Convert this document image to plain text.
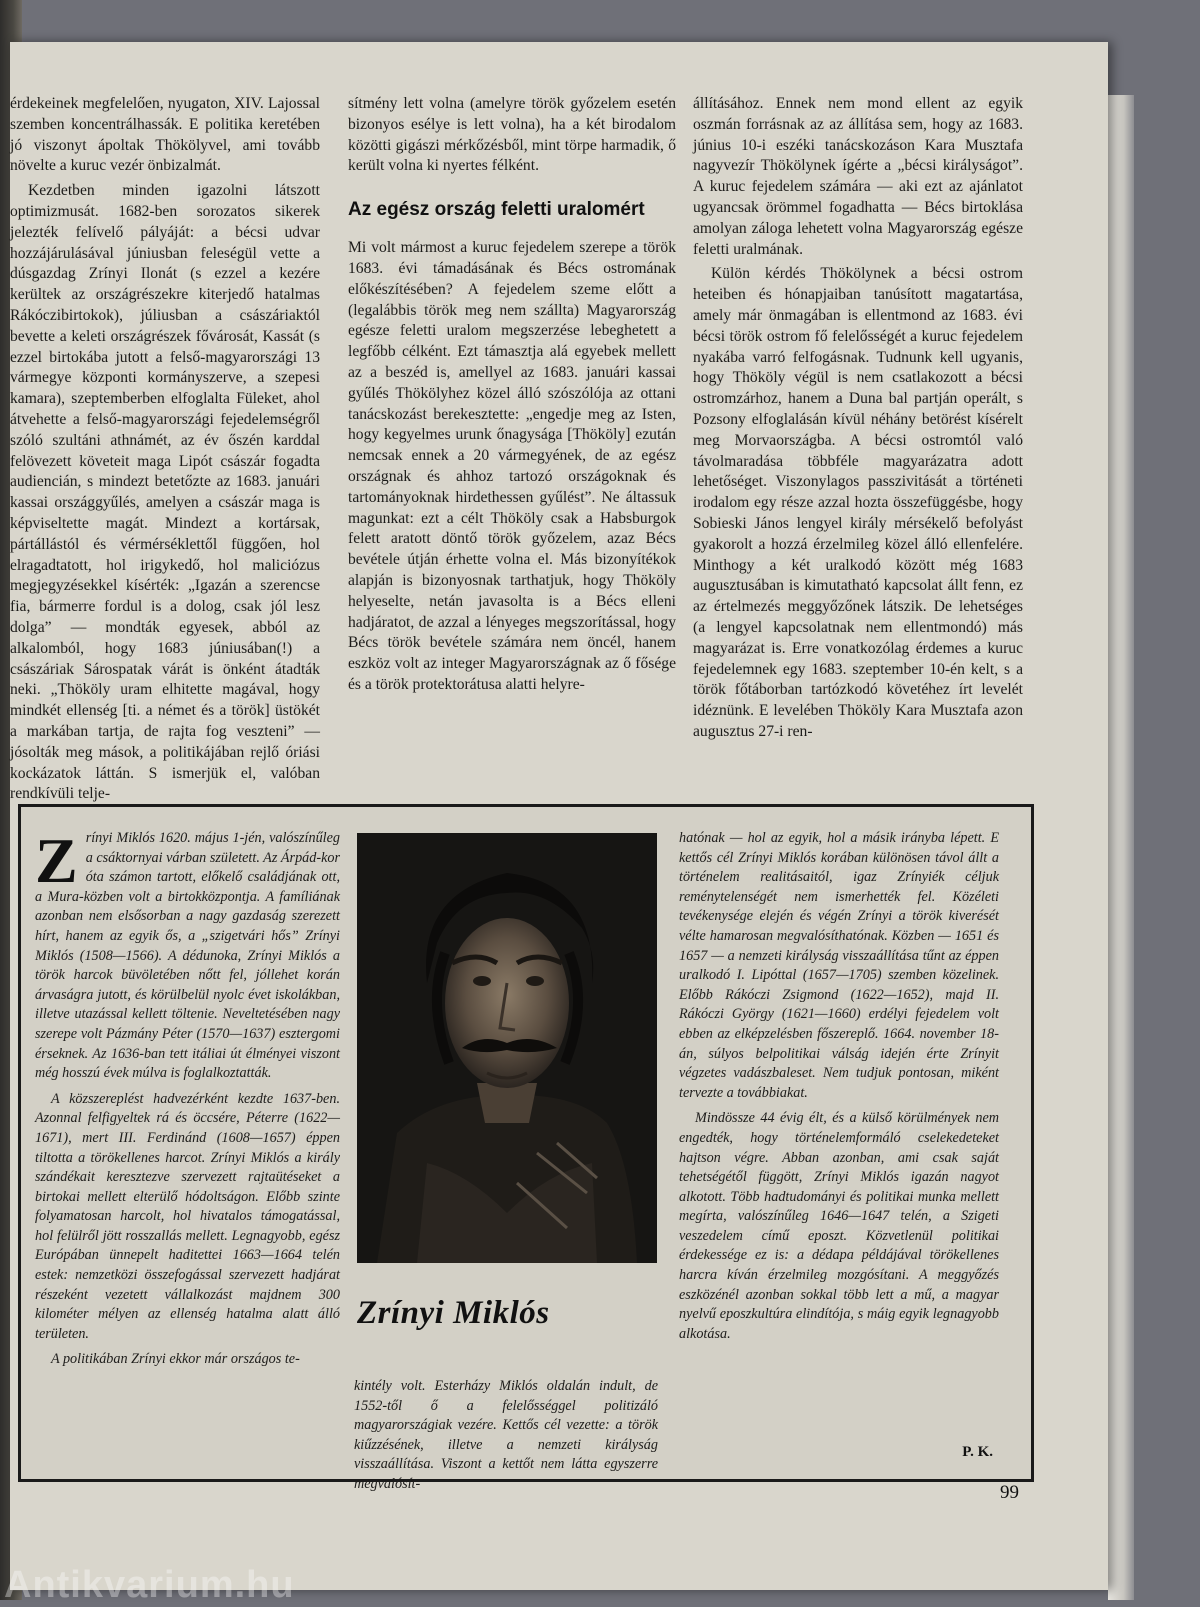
érdekeinek megfelelően, nyugaton, XIV. Lajossal szemben koncentrálhassák. E politika keretében jó viszonyt ápoltak Thökölyvel, ami tovább növelte a kuruc vezér önbizalmát.

Kezdetben minden igazolni látszott optimizmusát. 1682-ben sorozatos sikerek jelezték felívelő pályáját: a bécsi udvar hozzájárulásával júniusban feleségül vette a dúsgazdag Zrínyi Ilonát (s ezzel a kezére kerültek az országrészekre kiterjedő hatalmas Rákóczibirtokok), júliusban a császáriaktól bevette a keleti országrészek fővárosát, Kassát (s ezzel birtokába jutott a felső-magyarországi 13 vármegye központi kormányszerve, a szepesi kamara), szeptemberben elfoglalta Füleket, ahol átvehette a felső-magyarországi fejedelemségről szóló szultáni athnámét, az év őszén karddal felövezett követeit maga Lipót császár fogadta audiencián, s mindezt betetőzte az 1683. januári kassai országgyűlés, amelyen a császár maga is képviseltette magát. Mindezt a kortársak, pártállástól és vérmérséklettől függően, hol elragadtatott, hol irigykedő, hol maliciózus megjegyzésekkel kísérték: „Igazán a szerencse fia, bármerre fordul is a dolog, csak jól lesz dolga” — mondták egyesek, abból az alkalomból, hogy 1683 júniusában(!) a császáriak Sárospatak várát is önként átadták neki. „Thököly uram elhitette magával, hogy mindkét ellenség [ti. a német és a török] üstökét a markában tartja, de rajta fog veszteni” — jósolták meg mások, a politikájában rejlő óriási kockázatok láttán. S ismerjük el, valóban rendkívüli telje-

sítmény lett volna (amelyre török győzelem esetén bizonyos esélye is lett volna), ha a két birodalom közötti gigászi mérkőzésből, mint törpe harmadik, ő került volna ki nyertes félként.

Az egész ország feletti uralomért

Mi volt mármost a kuruc fejedelem szerepe a török 1683. évi támadásának és Bécs ostromának előkészítésében? A fejedelem szeme előtt a (legalábbis török meg nem szállta) Magyarország egésze feletti uralom megszerzése lebeghetett a legfőbb célként. Ezt támasztja alá egyebek mellett az a beszéd is, amellyel az 1683. januári kassai gyűlés Thökölyhez közel álló szószólója az ottani tanácskozást berekesztette: „engedje meg az Isten, hogy kegyelmes urunk őnagysága [Thököly] ezután nemcsak ennek a 20 vármegyének, de az egész országnak és ahhoz tartozó országoknak és tartományoknak hirdethessen gyűlést”. Ne áltassuk magunkat: ezt a célt Thököly csak a Habsburgok felett aratott döntő török győzelem, azaz Bécs bevétele útján érhette volna el. Más bizonyítékok alapján is bizonyosnak tarthatjuk, hogy Thököly helyeselte, netán javasolta is a Bécs elleni hadjáratot, de azzal a lényeges megszorítással, hogy Bécs török bevétele számára nem öncél, hanem eszköz volt az integer Magyarországnak az ő fősége és a török protektorátusa alatti helyre-

állításához. Ennek nem mond ellent az egyik oszmán forrásnak az az állítása sem, hogy az 1683. június 10-i eszéki tanácskozáson Kara Musztafa nagyvezír Thökölynek ígérte a „bécsi királyságot”. A kuruc fejedelem számára — aki ezt az ajánlatot ugyancsak örömmel fogadhatta — Bécs birtoklása amolyan záloga lehetett volna Magyarország egésze feletti uralmának.

Külön kérdés Thökölynek a bécsi ostrom heteiben és hónapjaiban tanúsított magatartása, amely már önmagában is ellentmond az 1683. évi bécsi török ostrom fő felelősségét a kuruc fejedelem nyakába varró felfogásnak. Tudnunk kell ugyanis, hogy Thököly végül is nem csatlakozott a bécsi ostromzárhoz, hanem a Duna bal partján operált, s Pozsony elfoglalásán kívül néhány betörést kísérelt meg Morvaországba. A bécsi ostromtól való távolmaradása többféle magyarázatra adott lehetőséget. Viszonylagos passzivitását a történeti irodalom egy része azzal hozta összefüggésbe, hogy Sobieski János lengyel király mérsékelő befolyást gyakorolt a hozzá érzelmileg közel álló ellenfelére. Minthogy a két uralkodó között még 1683 augusztusában is kimutatható kapcsolat állt fenn, ez az értelmezés meggyőzőnek látszik. De lehetséges (a lengyel kapcsolatnak nem ellentmondó) más magyarázat is. Erre vonatkozólag érdemes a kuruc fejedelemnek egy 1683. szeptember 10-én kelt, s a török főtáborban tartózkodó követéhez írt levelét idéznünk. E levelében Thököly Kara Musztafa azon augusztus 27-i ren-

Zrínyi Miklós 1620. május 1-jén, valószínűleg a csáktornyai várban született. Az Árpád-kor óta számon tartott, előkelő családjának ott, a Mura-közben volt a birtokközpontja. A famíliának azonban nem elsősorban a nagy gazdaság szerezett hírt, hanem az egyik ős, a „szigetvári hős” Zrínyi Miklós (1508—1566). A dédunoka, Zrínyi Miklós a török harcok büvöletében nőtt fel, jóllehet korán árvaságra jutott, és körülbelül nyolc évet iskolákban, illetve utazással kellett töltenie. Neveltetésében nagy szerepe volt Pázmány Péter (1570—1637) esztergomi érseknek. Az 1636-ban tett itáliai út élményei viszont még hosszú évek múlva is foglalkoztatták.

A közszereplést hadvezérként kezdte 1637-ben. Azonnal felfigyeltek rá és öccsére, Péterre (1622—1671), mert III. Ferdinánd (1608—1657) éppen tiltotta a törökellenes harcot. Zrínyi Miklós a király szándékait keresztezve szervezett rajtaütéseket a birtokai mellett elterülő hódoltságon. Előbb szinte folyamatosan harcolt, hol hivatalos támogatással, hol felülről jött rosszallás mellett. Legnagyobb, egész Európában ünnepelt haditettei 1663—1664 telén estek: nemzetközi összefogással szervezett hadjárat részeként vezetett vállalkozást majdnem 300 kilométer mélyen az ellenség hatalma alatt álló területen.

A politikában Zrínyi ekkor már országos te-

Zrínyi Miklós

kintély volt. Esterházy Miklós oldalán indult, de 1552-től ő a felelősséggel politizáló magyarországiak vezére. Kettős cél vezette: a török kiűzzésének, illetve a nemzeti királyság visszaállítása. Viszont a kettőt nem látta egyszerre megvalósít-

hatónak — hol az egyik, hol a másik irányba lépett. E kettős cél Zrínyi Miklós korában különösen távol állt a történelem realitásaitól, igaz Zrínyiék céljuk reménytelenségét nem ismerhették fel. Közéleti tevékenysége elején és végén Zrínyi a török kiverését vélte hamarosan megvalósíthatónak. Közben — 1651 és 1657 — a nemzeti királyság visszaállítása tűnt az éppen uralkodó I. Lipóttal (1657—1705) szemben közelinek. Előbb Rákóczi Zsigmond (1622—1652), majd II. Rákóczi György (1621—1660) erdélyi fejedelem volt ebben az elképzelésben főszereplő. 1664. november 18-án, súlyos belpolitikai válság idején érte Zrínyit végzetes vadászbaleset. Nem tudjuk pontosan, miként tervezte a továbbiakat.

Mindössze 44 évig élt, és a külső körülmények nem engedték, hogy történelemformáló cselekedeteket hajtson végre. Abban azonban, ami csak saját tehetségétől függött, Zrínyi Miklós igazán nagyot alkotott. Több hadtudományi és politikai munka mellett megírta, valószínűleg 1646—1647 telén, a Szigeti veszedelem című eposzt. Közvetlenül politikai érdekessége ez is: a dédapa példájával törökellenes harcra kíván érzelmileg mozgósítani. A meggyőzés eszközénél azonban sokkal több lett a mű, a magyar nyelvű eposzkultúra elindítója, s máig egyik legnagyobb alkotása.

P. K.
99
Antikvarium.hu
